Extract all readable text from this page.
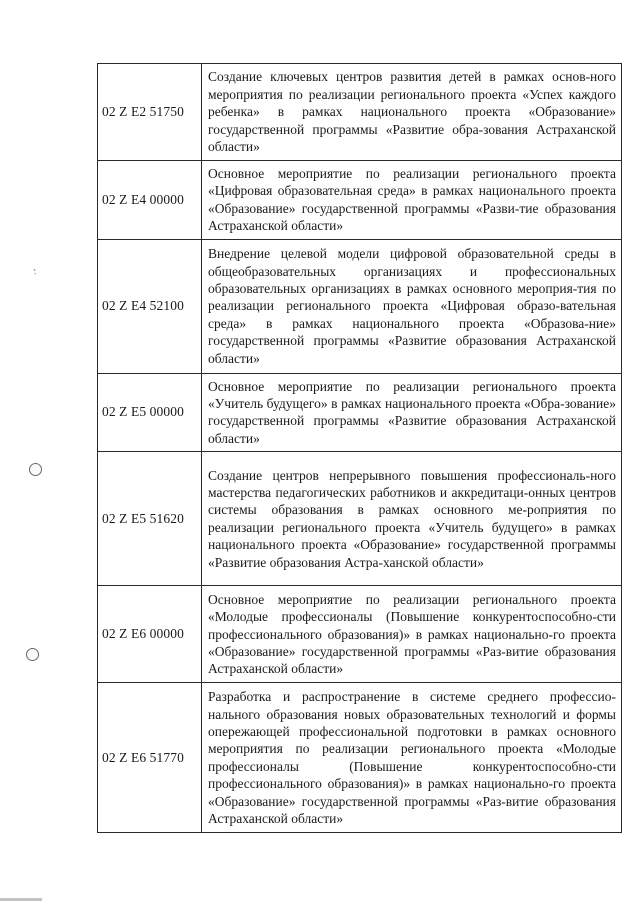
·’
02 Z E2 51750	Создание ключевых центров развития детей в рамках основ-ного мероприятия по реализации регионального проекта «Успех каждого ребенка» в рамках национального проекта «Образование» государственной программы «Развитие обра-зования Астраханской области»
02 Z E4 00000	Основное мероприятие по реализации регионального проекта «Цифровая образовательная среда» в рамках национального проекта «Образование» государственной программы «Разви-тие образования Астраханской области»
02 Z E4 52100	Внедрение целевой модели цифровой образовательной среды в общеобразовательных организациях и профессиональных образовательных организациях в рамках основного мероприя-тия по реализации регионального проекта «Цифровая образо-вательная среда» в рамках национального проекта «Образова-ние» государственной программы «Развитие образования Астраханской области»
02 Z E5 00000	Основное мероприятие по реализации регионального проекта «Учитель будущего» в рамках национального проекта «Обра-зование» государственной программы «Развитие образования Астраханской области»
02 Z E5 51620	Создание центров непрерывного повышения профессиональ-ного мастерства педагогических работников и аккредитаци-онных центров системы образования в рамках основного ме-роприятия по реализации регионального проекта «Учитель будущего» в рамках национального проекта «Образование» государственной программы «Развитие образования Астра-ханской области»
02 Z E6 00000	Основное мероприятие по реализации регионального проекта «Молодые профессионалы (Повышение конкурентоспособно-сти профессионального образования)» в рамках национально-го проекта «Образование» государственной программы «Раз-витие образования Астраханской области»
02 Z E6 51770	Разработка и распространение в системе среднего профессио-нального образования новых образовательных технологий и формы опережающей профессиональной подготовки в рамках основного мероприятия по реализации регионального проекта «Молодые профессионалы (Повышение конкурентоспособно-сти профессионального образования)» в рамках национально-го проекта «Образование» государственной программы «Раз-витие образования Астраханской области»
